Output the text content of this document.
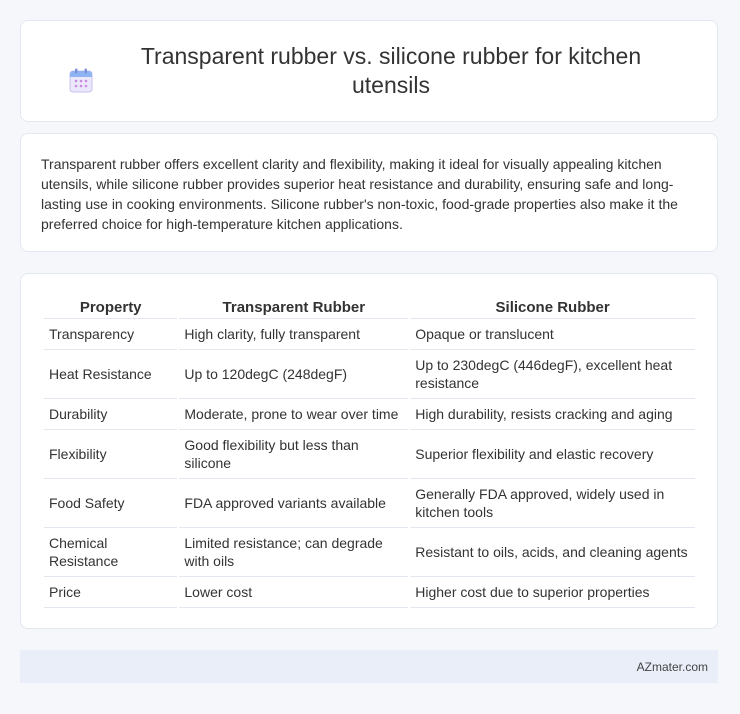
Transparent rubber vs. silicone rubber for kitchen utensils

Transparent rubber offers excellent clarity and flexibility, making it ideal for visually appealing kitchen utensils, while silicone rubber provides superior heat resistance and durability, ensuring safe and long-lasting use in cooking environments. Silicone rubber's non-toxic, food-grade properties also make it the preferred choice for high-temperature kitchen applications.

Property	Transparent Rubber	Silicone Rubber
Transparency	High clarity, fully transparent	Opaque or translucent
Heat Resistance	Up to 120degC (248degF)	Up to 230degC (446degF), excellent heat resistance
Durability	Moderate, prone to wear over time	High durability, resists cracking and aging
Flexibility	Good flexibility but less than silicone	Superior flexibility and elastic recovery
Food Safety	FDA approved variants available	Generally FDA approved, widely used in kitchen tools
Chemical Resistance	Limited resistance; can degrade with oils	Resistant to oils, acids, and cleaning agents
Price	Lower cost	Higher cost due to superior properties
AZmater.com
